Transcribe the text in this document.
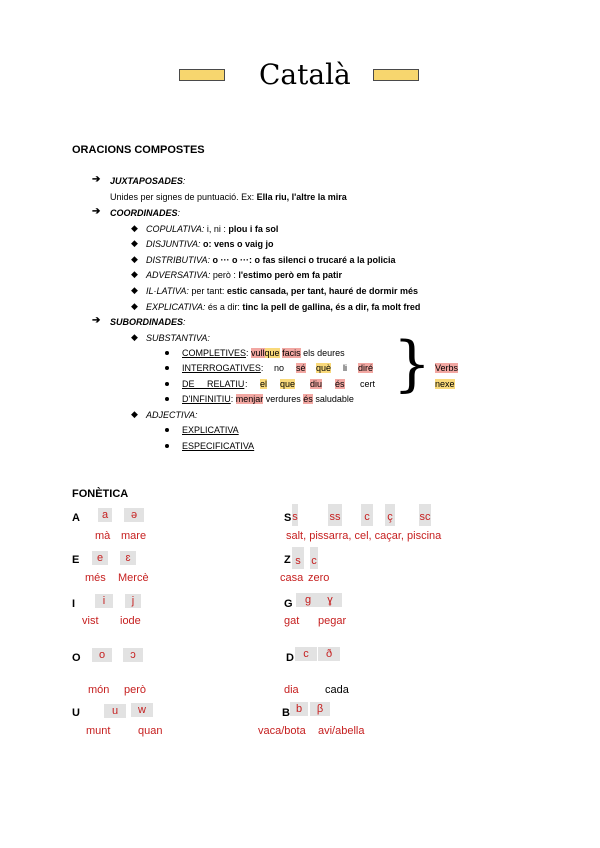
Català
ORACIONS COMPOSTES
➔ JUXTAPOSADES:
Unides per signes de puntuació. Ex: Ella riu, l'altre la mira
➔ COORDINADES:
◆ COPULATIVA: i, ni : plou i fa sol
◆ DISJUNTIVA: o: vens o vaig jo
◆ DISTRIBUTIVA: o ··· o ···: o fas silenci o trucaré a la policia
◆ ADVERSATIVA: però : l'estimo però em fa patir
◆ IL·LATIVA: per tant: estic cansada, per tant, hauré de dormir més
◆ EXPLICATIVA: és a dir: tinc la pell de gallina, és a dir, fa molt fred
➔ SUBORDINADES:
◆ SUBSTANTIVA:
COMPLETIVES: vullque facis els deures
INTERROGATIVES: no sé què li diré
DE RELATIU : el que diu és cert
D'INFINITIU: menjar verdures és saludable } Verbs
nexe
◆ ADJECTIVA:
EXPLICATIVA
ESPECIFICATIVA
FONÈTICA
A	a	ə
mà mare
E	e	ɛ
més Mercè
I	i	j
vist iode
O	o	ɔ
món però
U	u	w
munt	quan
S s	ss c ç sc
salt, pissarra, cel, caçar, piscina
Z s c
casa zero
G	g	ɣ
gat pegar
D c	ð
dia cada
B b	β
vaca/bota avi/abella
